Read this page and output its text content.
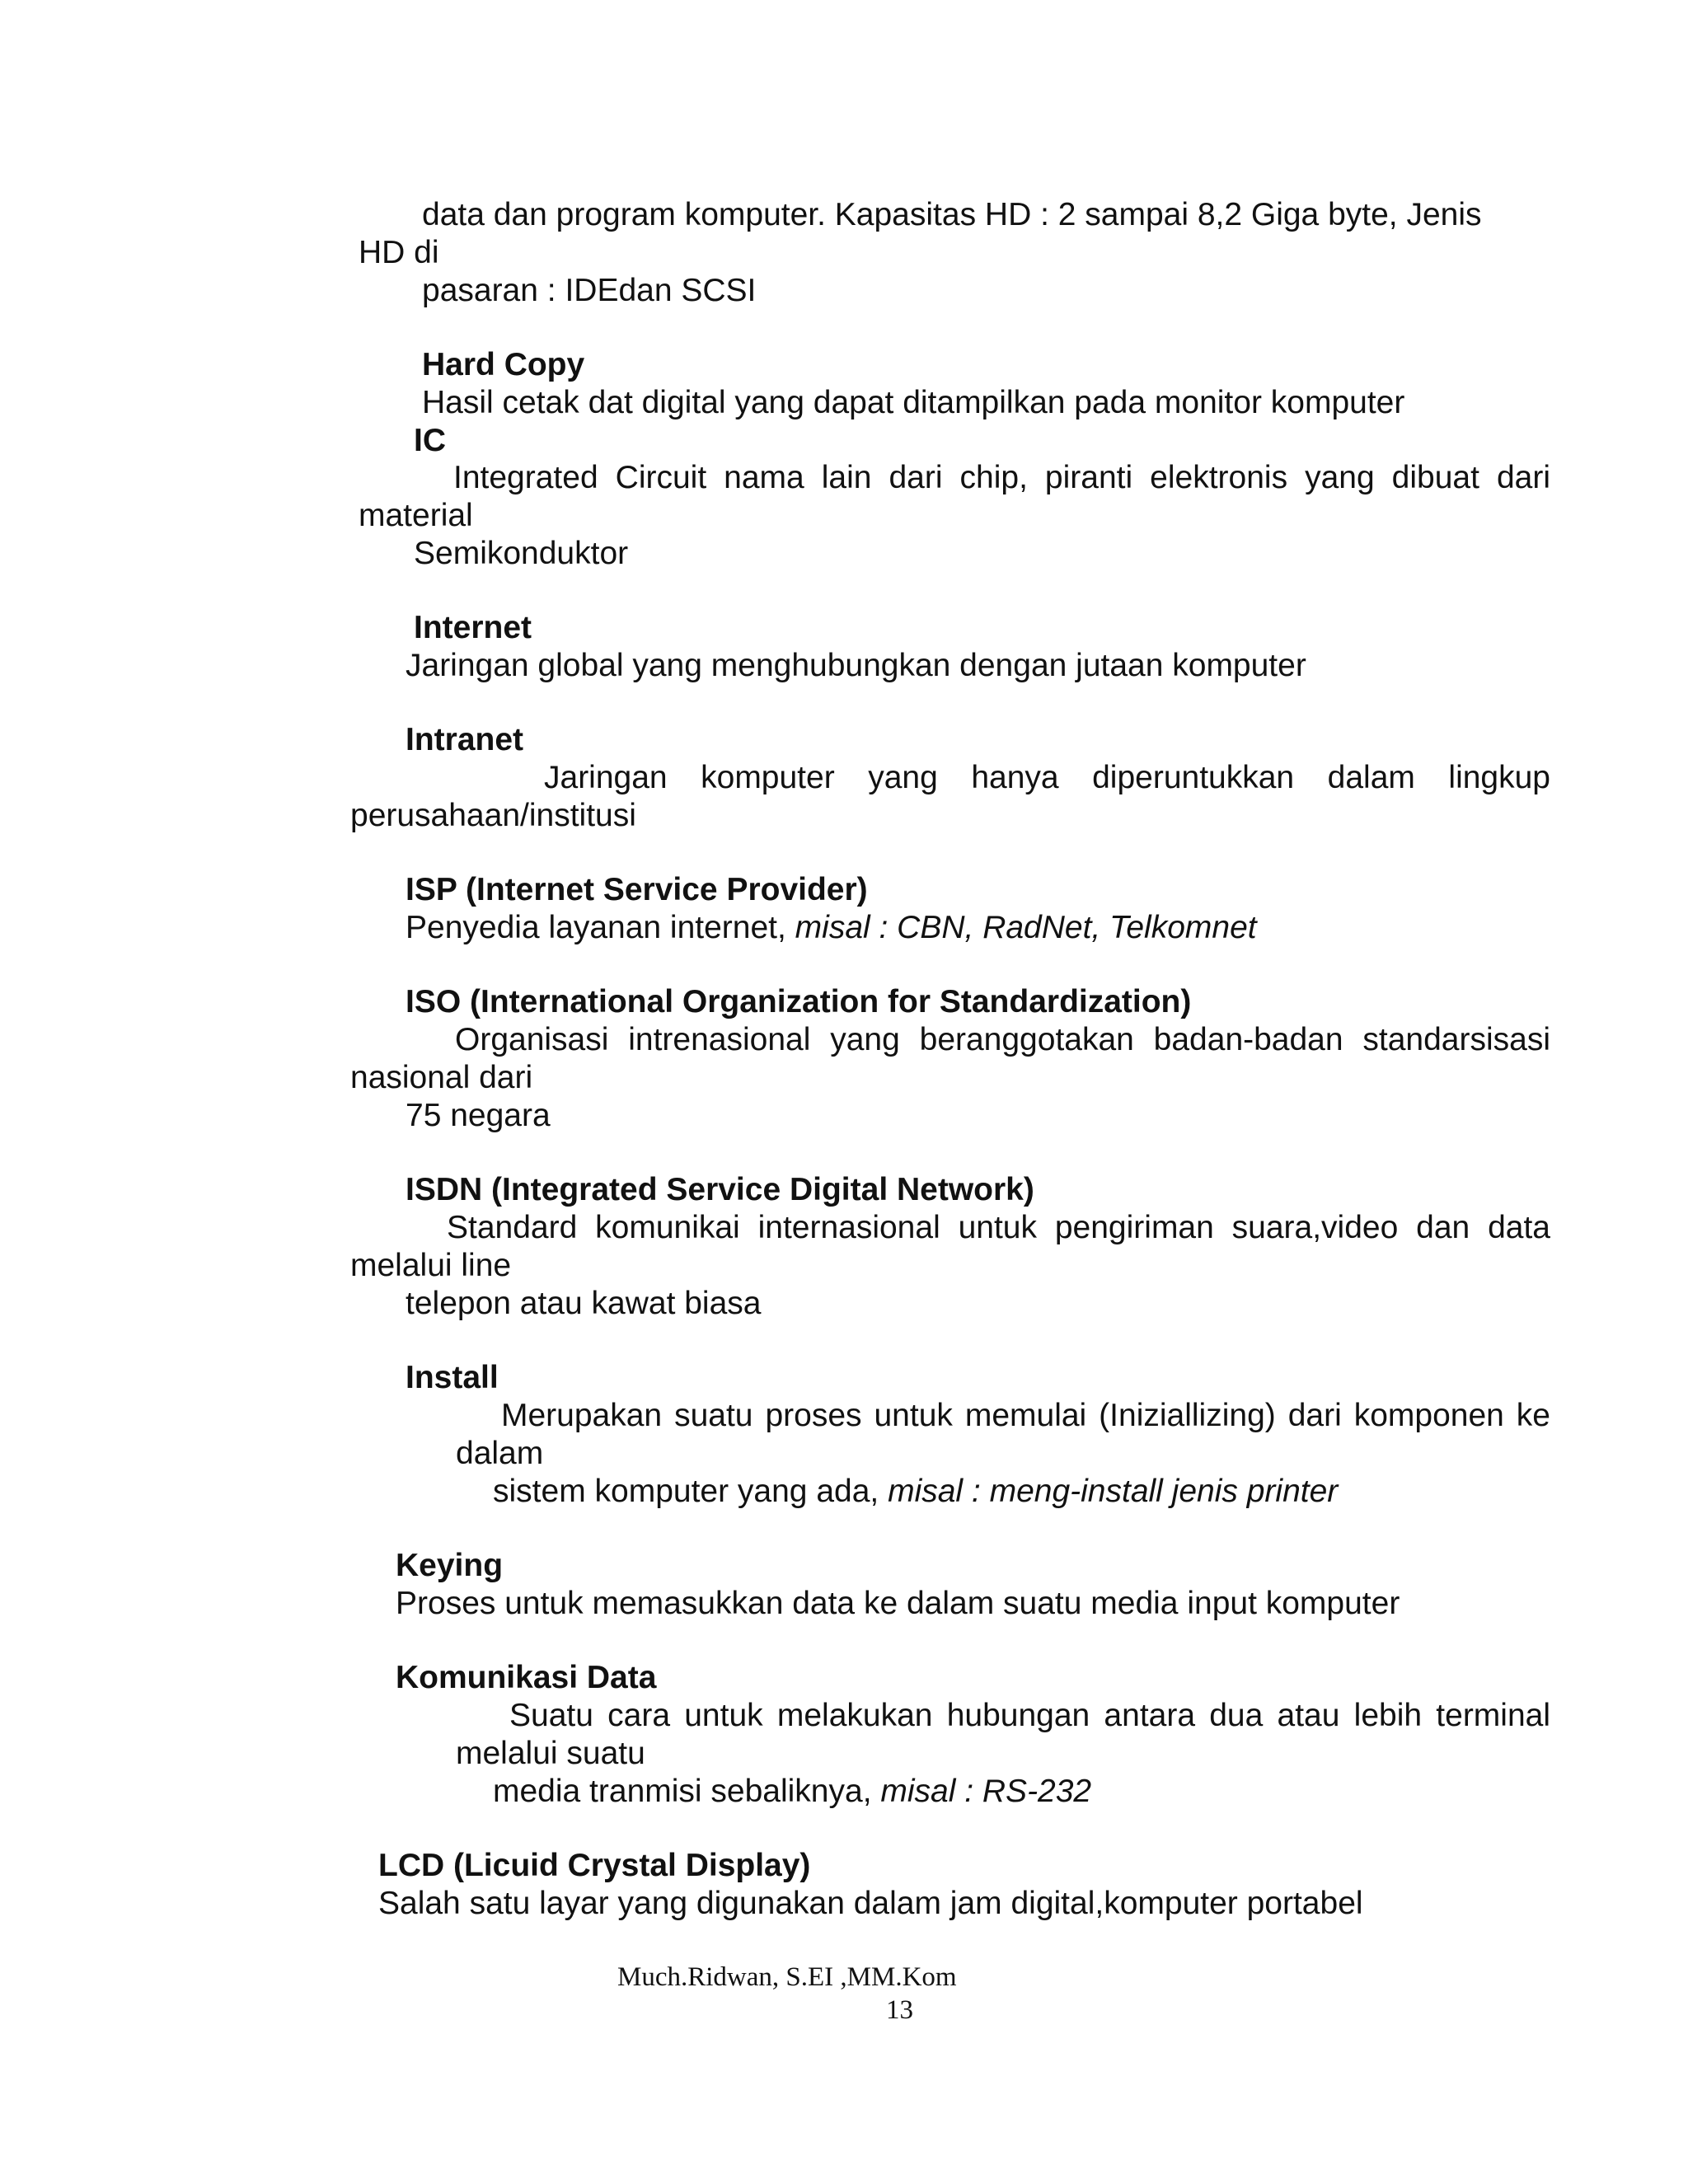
data dan program komputer. Kapasitas HD : 2 sampai 8,2 Giga byte, Jenis
HD di
pasaran : IDEdan SCSI
Hard Copy
Hasil cetak dat digital yang dapat ditampilkan pada monitor komputer
IC
Integrated Circuit nama lain dari chip, piranti elektronis yang dibuat dari
material
Semikonduktor
Internet
Jaringan global yang menghubungkan dengan jutaan komputer
Intranet
Jaringan komputer yang hanya diperuntukkan dalam lingkup
perusahaan/institusi
ISP (Internet Service Provider)
Penyedia layanan internet, misal : CBN, RadNet, Telkomnet
ISO (International Organization for Standardization)
Organisasi intrenasional yang beranggotakan badan-badan standarsisasi
nasional dari
75 negara
ISDN (Integrated Service Digital Network)
Standard komunikai internasional untuk pengiriman suara,video dan data
melalui line
telepon atau kawat biasa
Install
Merupakan suatu proses untuk memulai (Iniziallizing) dari komponen ke
dalam
sistem komputer yang ada, misal : meng-install jenis printer
Keying
Proses untuk memasukkan data ke dalam suatu media input komputer
Komunikasi Data
Suatu cara untuk melakukan hubungan antara dua atau lebih terminal
melalui suatu
media tranmisi sebaliknya, misal : RS-232
LCD (Licuid Crystal Display)
Salah satu layar yang digunakan dalam jam digital,komputer portabel
Much.Ridwan, S.EI ,MM.Kom
13
